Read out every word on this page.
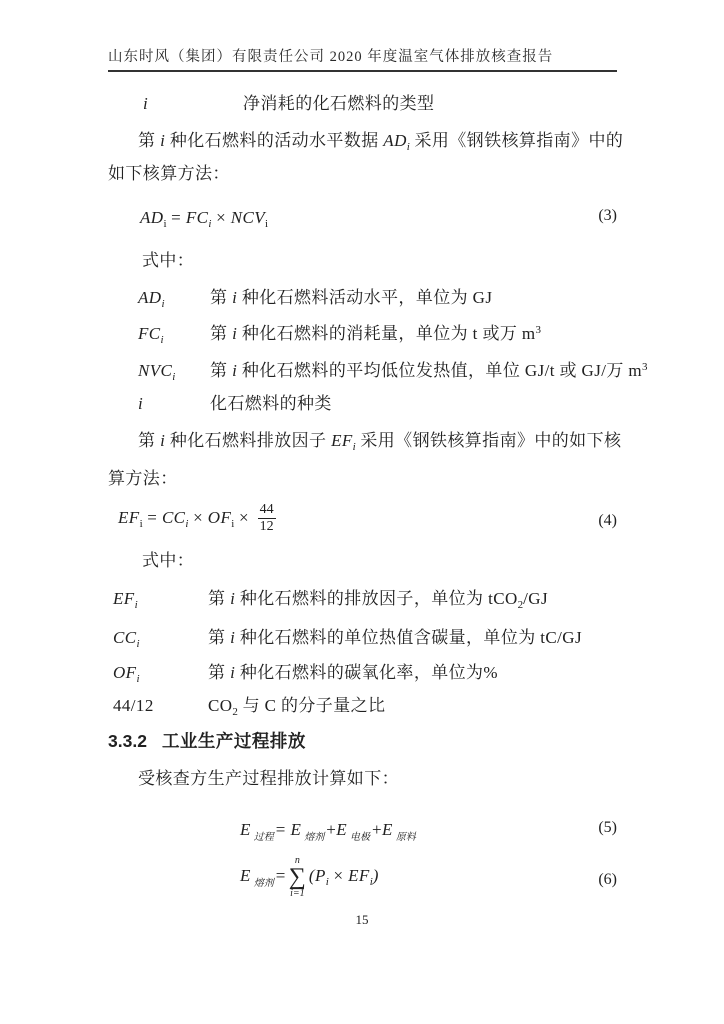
山东时风（集团）有限责任公司 2020 年度温室气体排放核查报告
i	净消耗的化石燃料的类型
第 i 种化石燃料的活动水平数据 $AD_i$ 采用《钢铁核算指南》中的
如下核算方法：
$AD_i = FC_i \times NCV_i$	(3)
式中：
$AD_i$	第 i 种化石燃料活动水平，单位为 GJ
$FC_i$	第 i 种化石燃料的消耗量，单位为 t 或万 $m^3$
$NVC_i$ 第 i 种化石燃料的平均低位发热值，单位 GJ/t 或 GJ/万 $m^3$
i	化石燃料的种类
第 i 种化石燃料排放因子 $EF_i$ 采用《钢铁核算指南》中的如下核
算方法：
$EF_i = CC_i \times OF_i \times \frac{44}{12}$	(4)
式中：
$EF_i$	第 i 种化石燃料的排放因子，单位为 tCO$_2$/GJ
$CC_i$	第 i 种化石燃料的单位热值含碳量，单位为 tC/GJ
$OF_i$	第 i 种化石燃料的碳氧化率，单位为%
44/12	$CO_2$ 与 C 的分子量之比
3.3.2 工业生产过程排放
受核查方生产过程排放计算如下：
E $_{过程}$ = E $_{熔剂}$ +E $_{电极}$ +E $_{原料}$
(5)
E $_{熔剂}$ =
n
∑
i=1
$(P_i \times EF_i)$	(6)
15
